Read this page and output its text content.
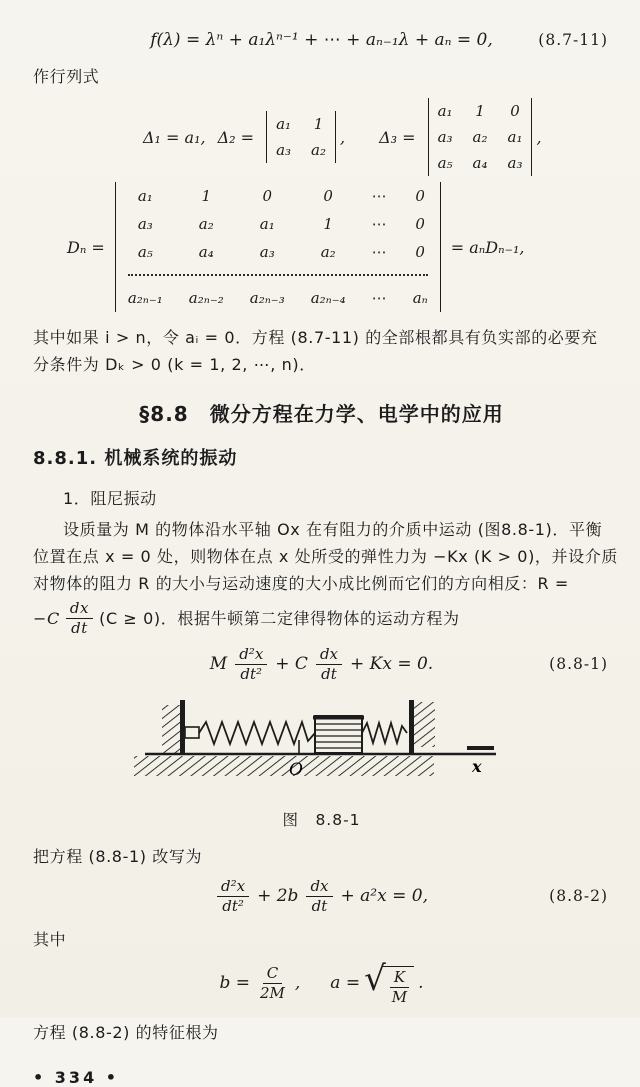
f(λ) = λⁿ + a₁λⁿ⁻¹ + ⋯ + aₙ₋₁λ + aₙ = 0,	(8.7-11)

作行列式

Δ₁ = a₁, Δ₂ =
a₁ 1
a₃ a₂
, Δ₃ =
a₁ 1 0
a₃ a₂ a₁
a₅ a₄ a₃
,
Dₙ =
a₁	1	0	0	⋯ 0
a₃	a₂	a₁	1	⋯ 0
a₅	a₄	a₃	a₂	⋯ 0
a₂ₙ₋₁ a₂ₙ₋₂ a₂ₙ₋₃ a₂ₙ₋₄ ⋯ aₙ
= aₙDₙ₋₁,

其中如果 i > n，令 aᵢ = 0．方程 (8.7-11) 的全部根都具有负实部的必要充

分条件为 Dₖ > 0 (k = 1, 2, ⋯, n)．

§8.8　微分方程在力学、电学中的应用
8.8.1. 机械系统的振动

1．阻尼振动

设质量为 M 的物体沿水平轴 Ox 在有阻力的介质中运动 (图8.8-1)．平衡

位置在点 x = 0 处，则物体在点 x 处所受的弹性力为 −Kx (K > 0)，并设介质

对物体的阻力 R 的大小与运动速度的大小成比例而它们的方向相反：R =

$-C \frac{dx}{dt} (C \ge 0)$．根据牛顿第二定律得物体的运动方程为
M $\frac{\text{d²x}}{\text{dt²}} + C \frac{dx}{dt} + Kx = 0$.	(8.8-1)
O	x
图　8.8-1

把方程 (8.8-1) 改写为

$\frac{\text{d²x}}{\text{dt²}} + 2b \frac{dx}{dt} + a^2x = 0$,	(8.8-2)

其中

$b = \frac{C}{2M}$ , a = √ $\frac{K}{M}$ .

方程 (8.8-2) 的特征根为

• 334 •
